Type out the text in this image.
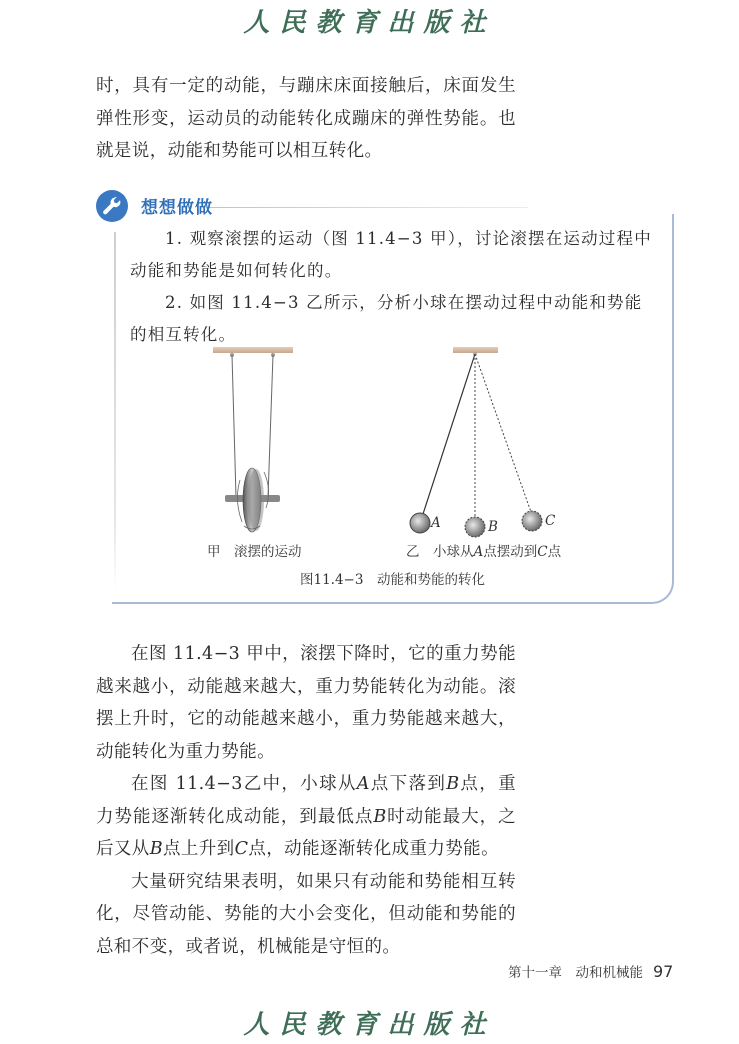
人民教育出版社

时，具有一定的动能，与蹦床床面接触后，床面发生弹性形变，运动员的动能转化成蹦床的弹性势能。也就是说，动能和势能可以相互转化。

想想做做

1. 观察滚摆的运动（图 11.4−3 甲），讨论滚摆在运动过程中动能和势能是如何转化的。

2. 如图 11.4−3 乙所示，分析小球在摆动过程中动能和势能的相互转化。

甲　滚摆的运动
A	B	C
乙　小球从A点摆动到C点
图11.4−3　动能和势能的转化

在图 11.4−3 甲中，滚摆下降时，它的重力势能越来越小，动能越来越大，重力势能转化为动能。滚摆上升时，它的动能越来越小，重力势能越来越大，动能转化为重力势能。

在图 11.4−3乙中，小球从A点下落到B点，重力势能逐渐转化成动能，到最低点B时动能最大，之后又从B点上升到C点，动能逐渐转化成重力势能。

大量研究结果表明，如果只有动能和势能相互转化，尽管动能、势能的大小会变化，但动能和势能的总和不变，或者说，机械能是守恒的。

第十一章　动和机械能 97
人民教育出版社
